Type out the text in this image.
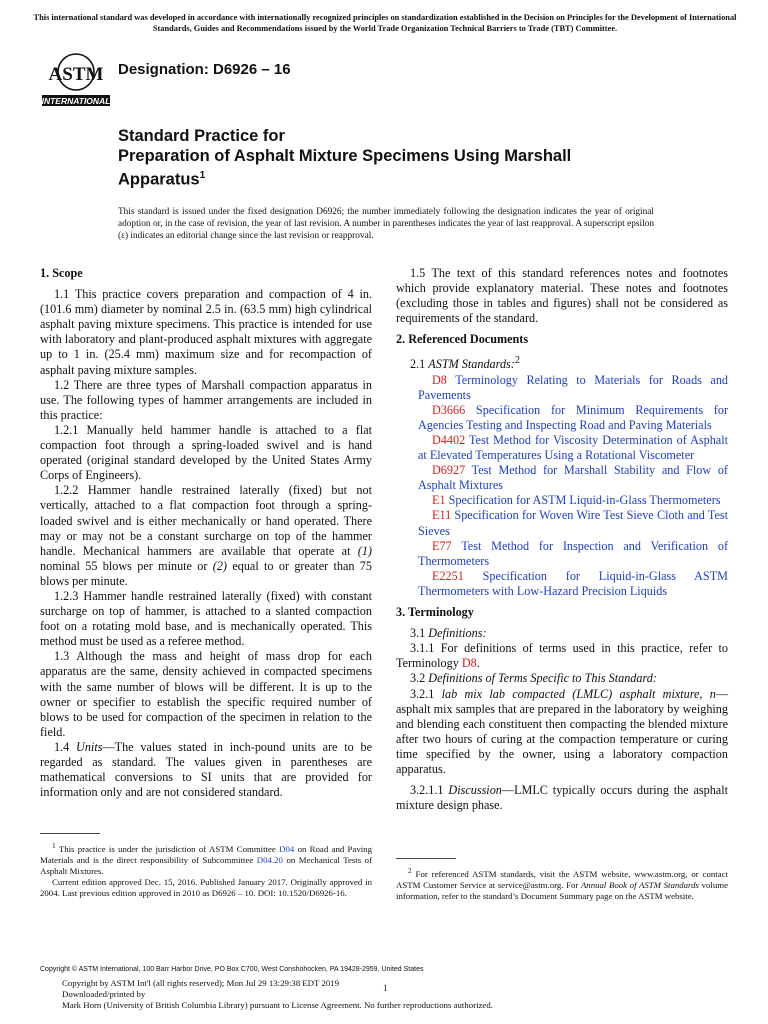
This international standard was developed in accordance with internationally recognized principles on standardization established in the Decision on Principles for the Development of International Standards, Guides and Recommendations issued by the World Trade Organization Technical Barriers to Trade (TBT) Committee.
ASTM
INTERNATIONAL
Designation: D6926 – 16
Standard Practice for
Preparation of Asphalt Mixture Specimens Using Marshall
Apparatus$^1$
This standard is issued under the fixed designation D6926; the number immediately following the designation indicates the year of original adoption or, in the case of revision, the year of last revision. A number in parentheses indicates the year of last reapproval. A superscript epsilon (ε) indicates an editorial change since the last revision or reapproval.
1. Scope

1.1 This practice covers preparation and compaction of 4 in. (101.6 mm) diameter by nominal 2.5 in. (63.5 mm) high cylindrical asphalt paving mixture specimens. This practice is intended for use with laboratory and plant-produced asphalt mixtures with aggregate up to 1 in. (25.4 mm) maximum size and for recompaction of asphalt paving mixture samples.

1.2 There are three types of Marshall compaction apparatus in use. The following types of hammer arrangements are included in this practice:

1.2.1 Manually held hammer handle is attached to a flat compaction foot through a spring-loaded swivel and is hand operated (original standard developed by the United States Army Corps of Engineers).

1.2.2 Hammer handle restrained laterally (fixed) but not vertically, attached to a flat compaction foot through a spring-loaded swivel and is either mechanically or hand operated. There may or may not be a constant surcharge on top of the hammer handle. Mechanical hammers are available that operate at (1) nominal 55 blows per minute or (2) equal to or greater than 75 blows per minute.

1.2.3 Hammer handle restrained laterally (fixed) with constant surcharge on top of hammer, is attached to a slanted compaction foot on a rotating mold base, and is mechanically operated. This method must be used as a referee method.

1.3 Although the mass and height of mass drop for each apparatus are the same, density achieved in compacted specimens with the same number of blows will be different. It is up to the owner or specifier to establish the specific required number of blows to be used for compaction of the specimen in relation to the field.

1.4 Units—The values stated in inch-pound units are to be regarded as standard. The values given in parentheses are mathematical conversions to SI units that are provided for information only and are not considered standard.

1.5 The text of this standard references notes and footnotes which provide explanatory material. These notes and footnotes (excluding those in tables and figures) shall not be considered as requirements of the standard.

2. Referenced Documents

2.1 ASTM Standards:$^2$

D8 Terminology Relating to Materials for Roads and Pavements

D3666 Specification for Minimum Requirements for Agencies Testing and Inspecting Road and Paving Materials

D4402 Test Method for Viscosity Determination of Asphalt at Elevated Temperatures Using a Rotational Viscometer

D6927 Test Method for Marshall Stability and Flow of Asphalt Mixtures

E1 Specification for ASTM Liquid-in-Glass Thermometers

E11 Specification for Woven Wire Test Sieve Cloth and Test Sieves

E77 Test Method for Inspection and Verification of Thermometers

E2251 Specification for Liquid-in-Glass ASTM Thermometers with Low-Hazard Precision Liquids

3. Terminology

3.1 Definitions:

3.1.1 For definitions of terms used in this practice, refer to Terminology D8.

3.2 Definitions of Terms Specific to This Standard:

3.2.1 lab mix lab compacted (LMLC) asphalt mixture, n—asphalt mix samples that are prepared in the laboratory by weighing and blending each constituent then compacting the blended mixture after two hours of curing at the compaction temperature or curing time specified by the owner, using a laboratory compaction apparatus.

3.2.1.1 Discussion—LMLC typically occurs during the asphalt mixture design phase.

$^1$ This practice is under the jurisdiction of ASTM Committee D04 on Road and Paving Materials and is the direct responsibility of Subcommittee D04.20 on Mechanical Tests of Asphalt Mixtures.

Current edition approved Dec. 15, 2016. Published January 2017. Originally approved in 2004. Last previous edition approved in 2010 as D6926 – 10. DOI: 10.1520/D6926-16.

$^2$ For referenced ASTM standards, visit the ASTM website, www.astm.org, or contact ASTM Customer Service at service@astm.org. For Annual Book of ASTM Standards volume information, refer to the standard’s Document Summary page on the ASTM website.

Copyright © ASTM International, 100 Barr Harbor Drive, PO Box C700, West Conshohocken, PA 19428-2959. United States
Copyright by ASTM Int'l (all rights reserved); Mon Jul 29 13:29:38 EDT 2019
Downloaded/printed by
Mark Horn (University of British Columbia Library) pursuant to License Agreement. No further reproductions authorized.
1
